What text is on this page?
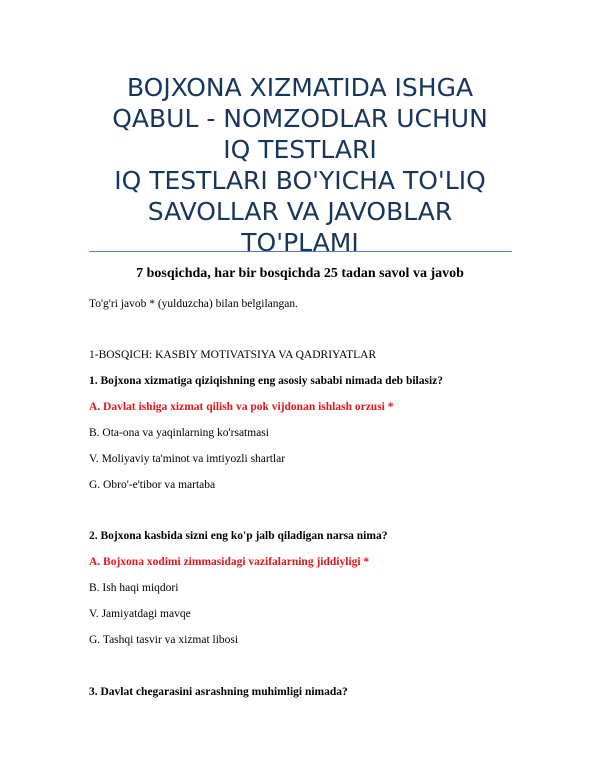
BOJXONA XIZMATIDA ISHGA
QABUL - NOMZODLAR UCHUN
IQ TESTLARI
IQ TESTLARI BO'YICHA TO'LIQ
SAVOLLAR VA JAVOBLAR
TO'PLAMI
7 bosqichda, har bir bosqichda 25 tadan savol va javob
To'g'ri javob * (yulduzcha) bilan belgilangan.
1-BOSQICH: KASBIY MOTIVATSIYA VA QADRIYATLAR
1. Bojxona xizmatiga qiziqishning eng asosiy sababi nimada deb bilasiz?
A. Davlat ishiga xizmat qilish va pok vijdonan ishlash orzusi *
B. Ota-ona va yaqinlarning ko'rsatmasi
V. Moliyaviy ta'minot va imtiyozli shartlar
G. Obro'-e'tibor va martaba
2. Bojxona kasbida sizni eng ko'p jalb qiladigan narsa nima?
A. Bojxona xodimi zimmasidagi vazifalarning jiddiyligi *
B. Ish haqi miqdori
V. Jamiyatdagi mavqe
G. Tashqi tasvir va xizmat libosi
3. Davlat chegarasini asrashning muhimligi nimada?
